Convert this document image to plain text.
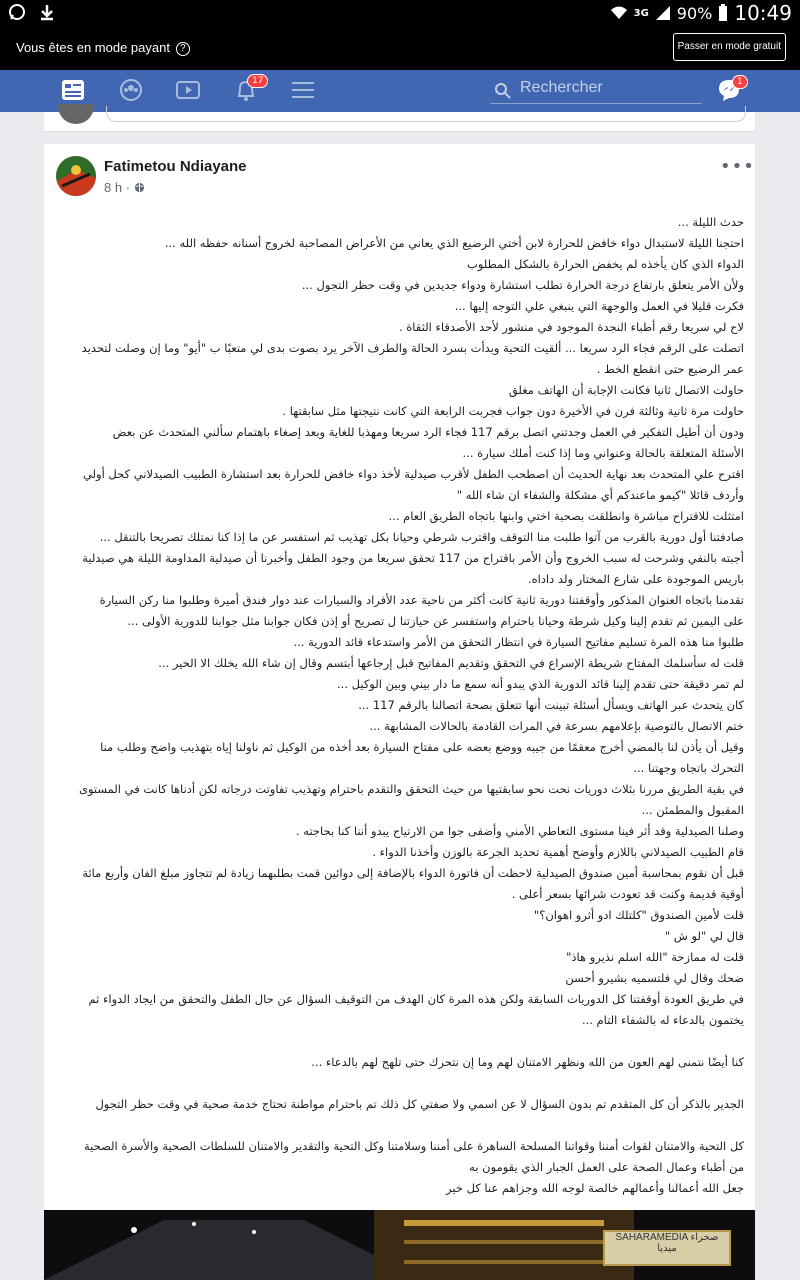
3G 90% 10:49
Vous êtes en mode payant ?	Passer en mode gratuit
17	Rechercher	1
Fatimetou Ndiayane
8 h ·
•••

حدث الليلة ...

احتجنا الليلة لاستبدال دواء خافض للحرارة لابن أختي الرضيع الذي يعاني من الأعراض المصاحبة لخروج أسنانه حفظه الله ...

الدواء الذي كان يأخذه لم يخفض الحرارة بالشكل المطلوب

ولأن الأمر يتعلق بارتفاع درجة الحرارة تطلب استشارة ودواء جديدين في وقت حظر التجول ...

فكرت قليلا في العمل والوجهة التي ينبغي علي التوجه إليها ...

لاح لي سريعا رقم أطباء النجدة الموجود في منشور لأحد الأصدقاء الثقاة .

اتصلت على الرقم فجاء الرد سريعا ... ألقيت التحية وبدأت بسرد الحالة والطرف الآخر يرد بصوت بدى لي متعبًا ب "أيو" وما إن وصلت لتحديد

عمر الرضيع حتى انقطع الخط .

حاولت الاتصال ثانيا فكانت الإجابة أن الهاتف مغلق

حاولت مرة ثانية وثالثة فرن في الأخيرة دون جواب فجربت الرابعة التي كانت نتيجتها مثل سابقتها .

ودون أن أطيل التفكير في العمل وجدتني اتصل برقم 117 فجاء الرد سريعا ومهذبا للغاية وبعد إصغاء باهتمام سألني المتحدث عن بعض

الأسئلة المتعلقة بالحالة وعنواني وما إذا كنت أملك سيارة ...

اقترح علي المتحدث بعد نهاية الحديث أن اصطحب الطفل لأقرب صيدلية لأخذ دواء خافض للحرارة بعد استشارة الطبيب الصيدلاني كحل أولي

وأردف قائلا "كيمو ماعندكم أي مشكلة والشفاء ان شاء الله "

امتثلت للاقتراح مباشرة وانطلقت بصحبة اختي وابنها باتجاه الطريق العام ...

صادفتنا أول دورية بالقرب من آتوا طلبت منا التوقف واقترب شرطي وحيانا بكل تهذيب ثم استفسر عن ما إذا كنا نمتلك تصريحا بالتنقل ...

أجبته بالنفي وشرحت له سبب الخروج وأن الأمر باقتراح من 117 تحقق سريعا من وجود الطفل وأخبرنا أن صيدلية المداومة الليلة هي صيدلية

باريس الموجودة على شارع المختار ولد داداه.

تقدمنا باتجاه العنوان المذكور وأوقفتنا دورية ثانية كانت أكثر من ناحية عدد الأفراد والسيارات عند دوار فندق أميرة وطلبوا منا ركن السيارة

على اليمين ثم تقدم إلينا وكيل شرطة وحيانا باحترام واستفسر عن حيازتنا ل تصريح أو إذن فكان جوابنا مثل جوابنا للدورية الأولى ...

طلبوا منا هذه المرة تسليم مفاتيح السيارة في انتظار التحقق من الأمر واستدعاء قائد الدورية ...

قلت له سأسلمك المفتاح شريطة الإسراع في التحقق وتقديم المفاتيح قبل إرجاعها أبتسم وقال إن شاء الله يخلك الا الخير ...

لم تمر دقيقة حتى تقدم إلينا قائد الدورية الذي يبدو أنه سمع ما دار بيني وبين الوكيل ...

كان يتحدث عبر الهاتف ويسأل أسئلة تبينت أنها تتعلق بصحة اتصالنا بالرقم 117 ...

ختم الاتصال بالتوصية بإعلامهم بسرعة في المرات القادمة بالحالات المشابهة ...

وقيل أن يأذن لنا بالمضي أخرج معقمًا من جيبه ووضع بعضه على مفتاح السيارة بعد أخذه من الوكيل ثم ناولنا إياه بتهذيب واضح وطلب منا

التحرك باتجاه وجهتنا ...

في بقية الطريق مررنا بثلاث دوريات نحت نحو سابقتيها من حيث التحقق والتقدم باحترام وتهذيب تفاوتت درجاته لكن أدناها كانت في المستوى

المقبول والمطمئن ...

وصلنا الصيدلية وقد أثر فينا مستوى التعاطي الأمني وأضفى جوا من الارتياح يبدو أننا كنا بحاجته .

قام الطبيب الصيدلاني باللازم وأوضح أهمية تحديد الجرعة بالوزن وأخذنا الدواء .

قبل أن نقوم بمحاسبة أمين صندوق الصيدلية لاحظت أن فاتورة الدواء بالإضافة إلى دوائين قمت بطلبهما زيادة لم تتجاوز مبلغ الفان وأربع مائة

أوقية قديمة وكنت قد تعودت شرائها بسعر أعلى .

قلت لأمين الصندوق "كلتلك ادو أثرو اهوان؟"

قال لي "لو ش "

قلت له ممازحة "الله اسلم نذيرو هاذ"

ضحك وقال لي فلتسميه بشيرو أحسن

في طريق العودة أوقفتنا كل الدوريات السابقة ولكن هذه المرة كان الهدف من التوقيف السؤال عن حال الطفل والتحقق من ايجاد الدواء ثم

يختمون بالدعاء له بالشفاء التام ...

كنا أيضًا نتمنى لهم العون من الله ونظهر الامتنان لهم وما إن نتحرك حتى تلهج لهم بالدعاء ...

الجدير بالذكر أن كل المتقدم تم بدون السؤال لا عن اسمي ولا صفتي كل ذلك تم باحترام مواطنة تحتاج خدمة صحية في وقت حظر التجول

كل التحية والامتنان لقوات أمننا وقواتنا المسلحة الساهرة على أمننا وسلامتنا وكل التحية والتقدير والامتنان للسلطات الصحية والأسرة الصحية

من أطباء وعمال الصحة على العمل الجبار الذي يقومون به

جعل الله أعمالنا وأعمالهم خالصة لوجه الله وجزاهم عنا كل خير

SAHARAMEDIA صحراء ميديا
